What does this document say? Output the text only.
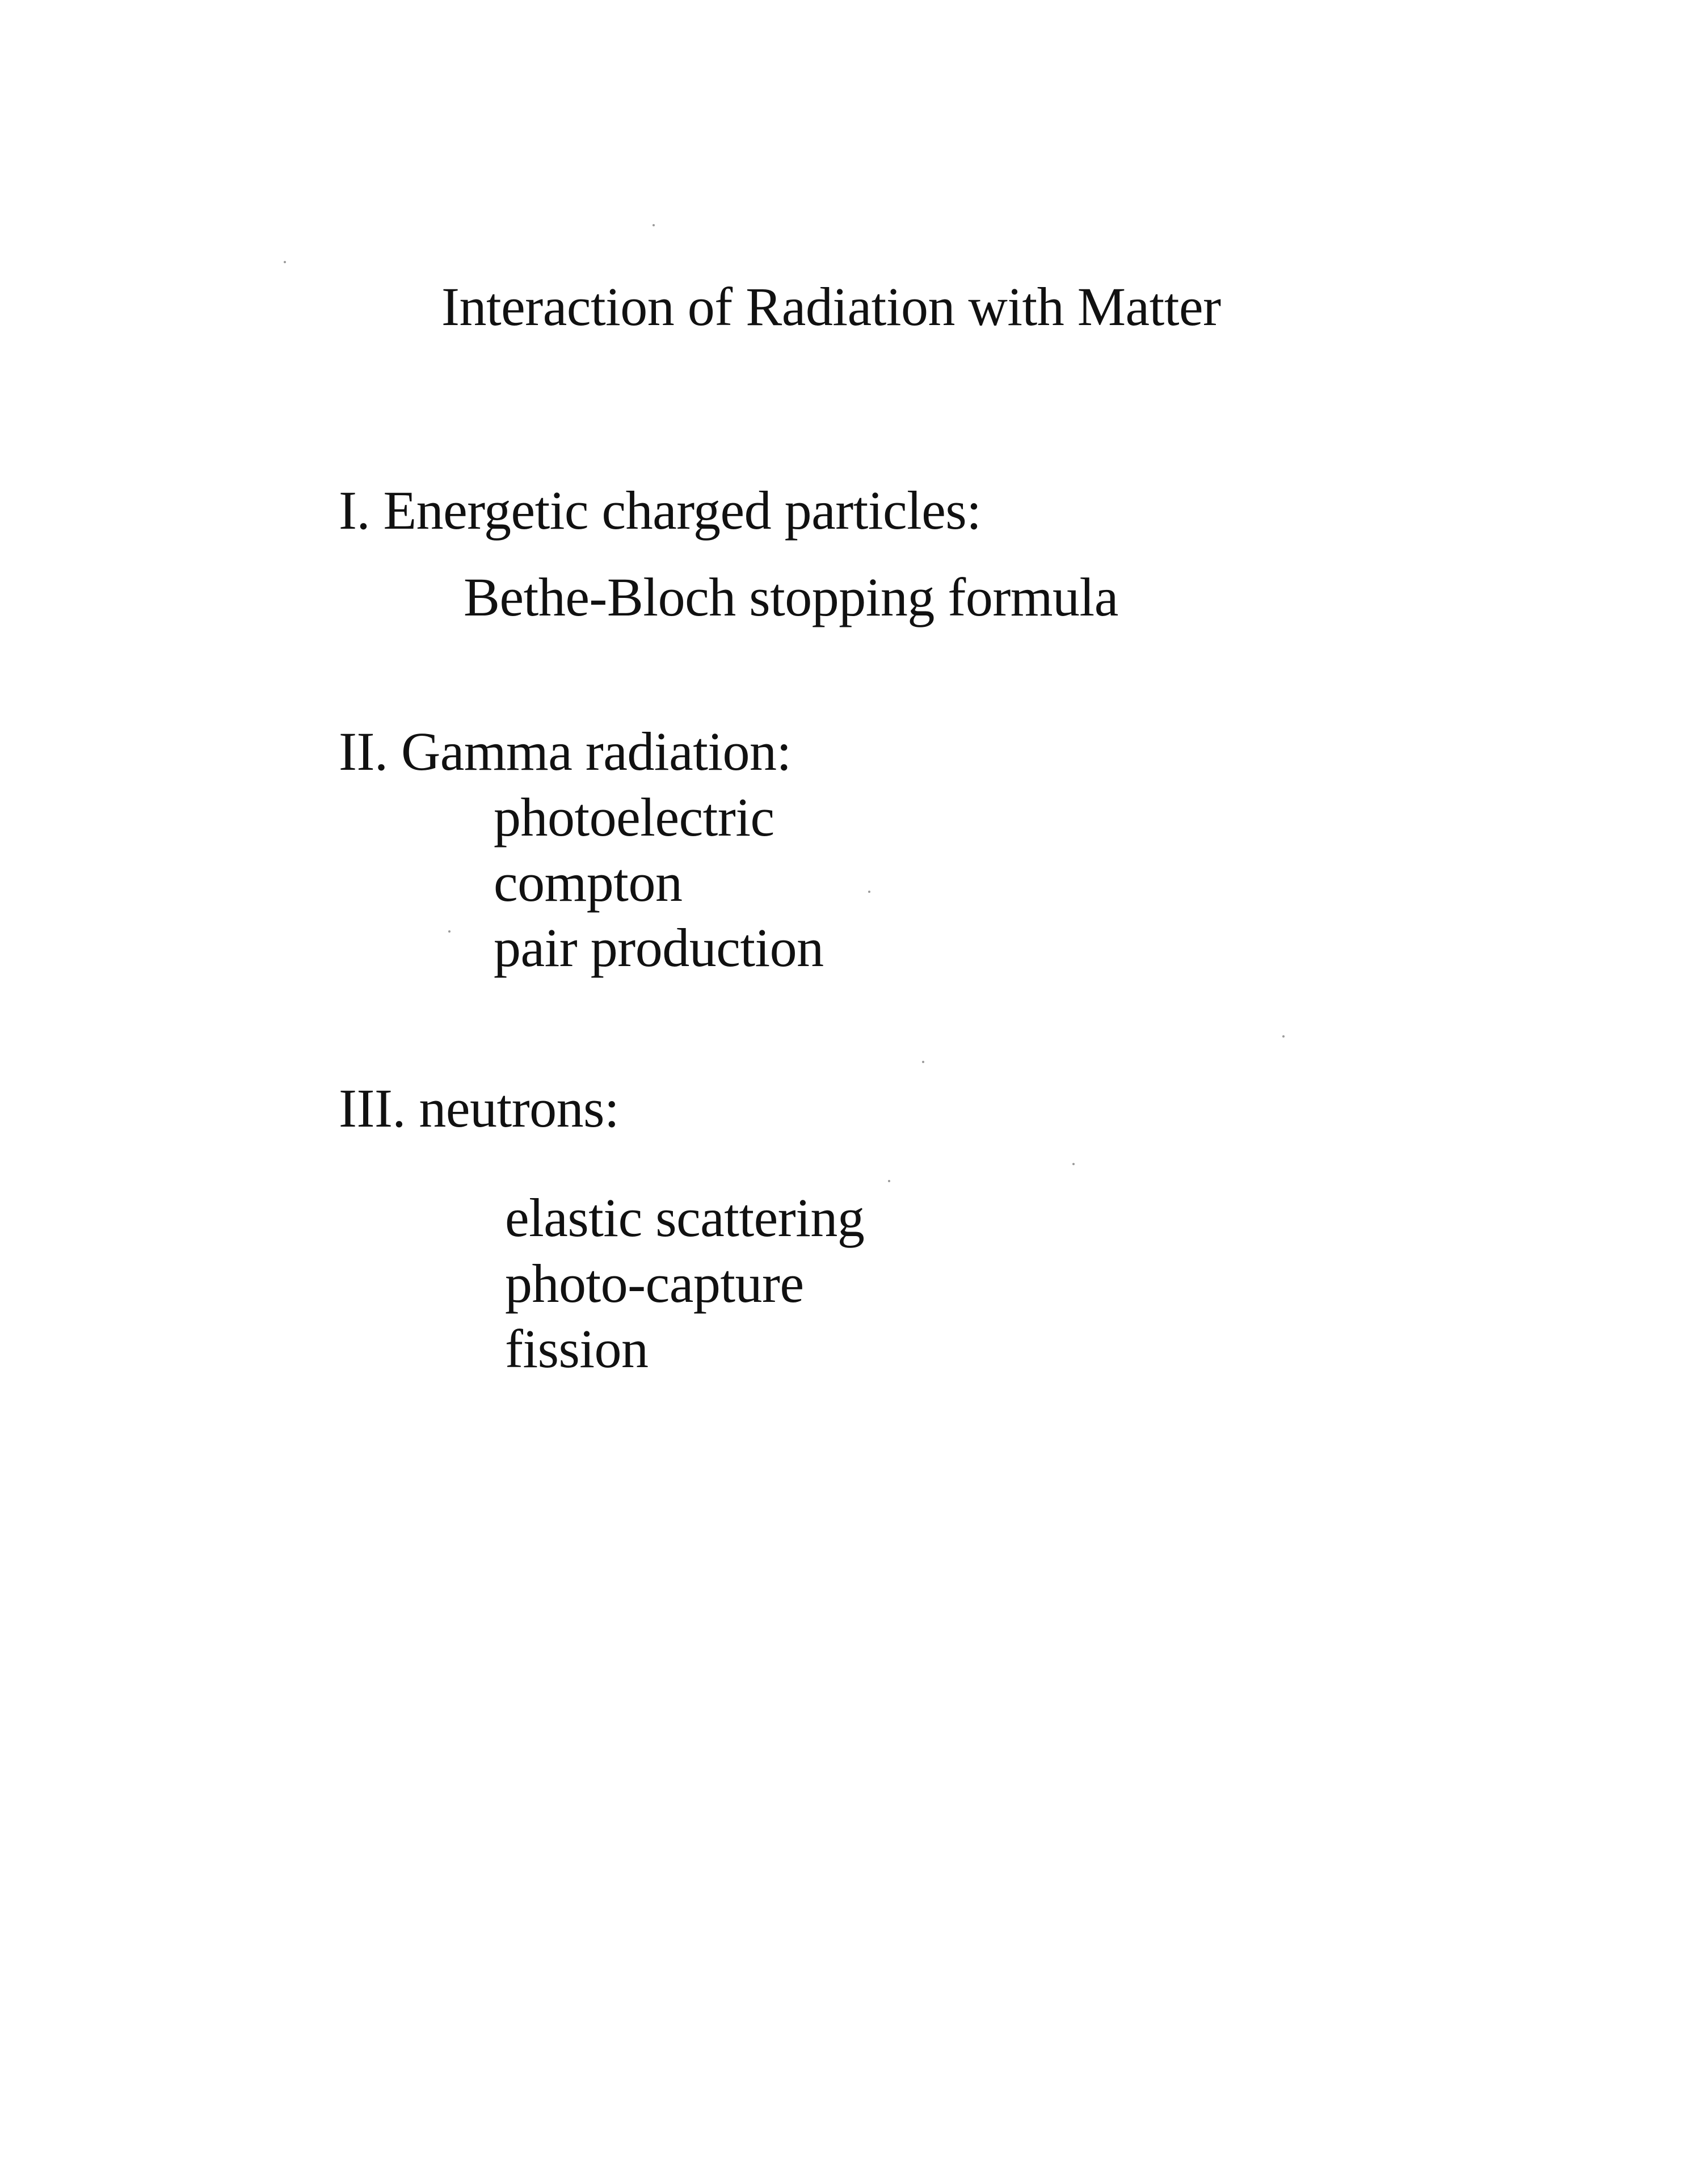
Interaction of Radiation with Matter
I. Energetic charged particles:
Bethe-Bloch stopping formula
II. Gamma radiation:
photoelectric
compton
pair production
III. neutrons:
elastic scattering
photo-capture
fission
